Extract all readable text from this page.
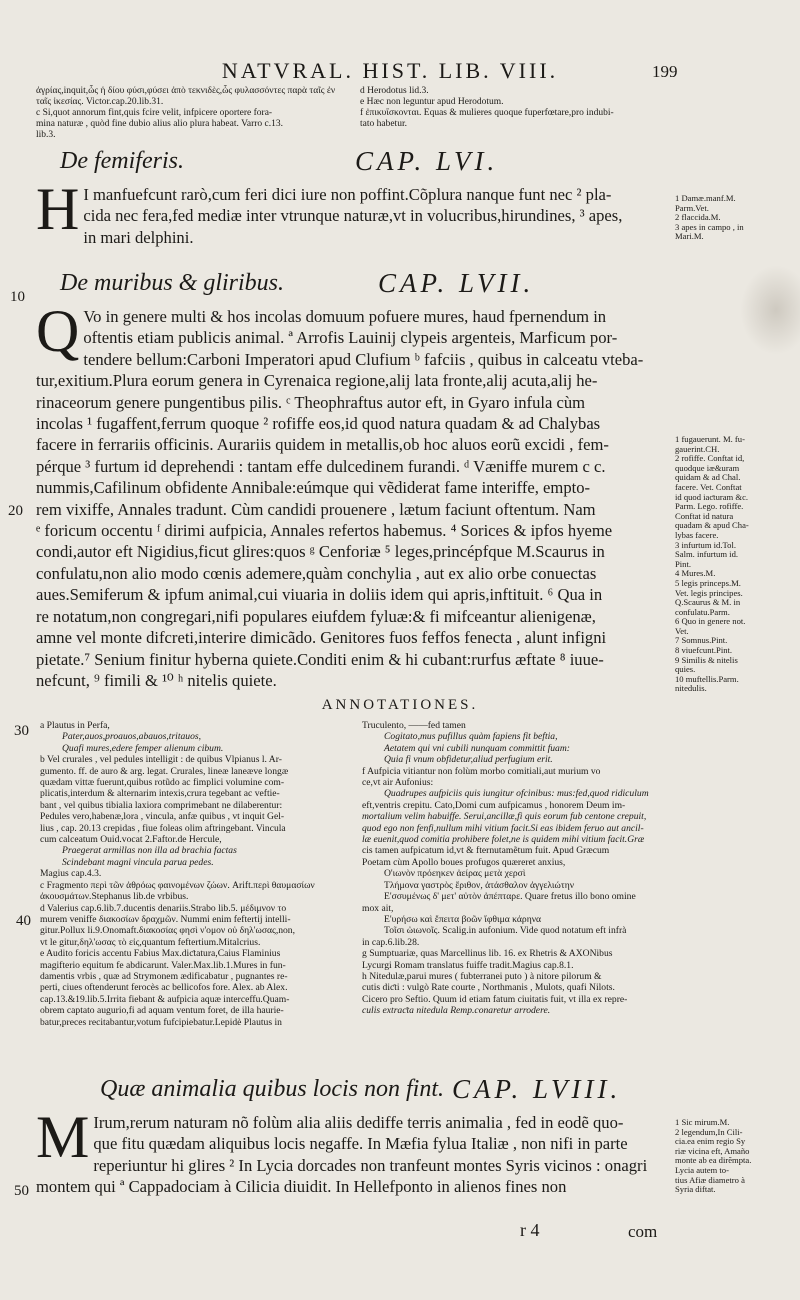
NATVRAL. HIST. LIB. VIII.	199

ἀγρίας,inquit,ὧς ἡ δίου φύσι,φύσει ἀπὸ τεκνιδὲς,ὧς φυλασσόντες παρὰ ταῖς ἐν

ταῖς ἱκεσίας. Victor.cap.20.lib.31.

c Si,quot annorum fint,quis fcire velit, infpicere oportere fora-

mina naturæ , quòd fine dubio alius alio plura habeat. Varro c.13.

lib.3.

d Herodotus lid.3.

e Hæc non leguntur apud Herodotum.

f ἐπικυΐσκονται. Equas & mulieres quoque fuperfœtare,pro indubi-

tato habetur.

De femiferis.	CAP. LVI.
H I manfuefcunt rarò,cum feri dici iure non poffint.Cõplura nanque funt nec ² pla-

cida nec fera,fed mediæ inter vtrunque naturæ,vt in volucribus,hirundines, ³ apes,

in mari delphini.

1 Damæ.manf.M.
Parm.Vet.
2 flaccida.M.
3 apes in campo , in
Mari.M.
De muribus & gliribus.	CAP. LVII.
10
20
Q Vo in genere multi & hos incolas domuum pofuere mures, haud fpernendum in

oftentis etiam publicis animal. ª Arrofis Lauinij clypeis argenteis, Marficum por-

tendere bellum:Carboni Imperatori apud Clufium ᵇ fafciis , quibus in calceatu vteba-

tur,exitium.Plura eorum genera in Cyrenaica regione,alij lata fronte,alij acuta,alij he-

rinaceorum genere pungentibus pilis. ᶜ Theophraftus autor eft, in Gyaro infula cùm

incolas ¹ fugaffent,ferrum quoque ² rofiffe eos,id quod natura quadam & ad Chalybas

facere in ferrariis officinis. Aurariis quidem in metallis,ob hoc aluos eorũ excidi , fem-

pérque ³ furtum id deprehendi : tantam effe dulcedinem furandi. ᵈ Væniffe murem c c.

nummis,Cafilinum obfidente Annibale:eúmque qui vẽdiderat fame interiffe, empto-

rem vixiffe, Annales tradunt. Cùm candidi prouenere , lætum faciunt oftentum. Nam

ᵉ foricum occentu ᶠ dirimi aufpicia, Annales refertos habemus. ⁴ Sorices & ipfos hyeme

condi,autor eft Nigidius,ficut glires:quos ᵍ Cenforiæ ⁵ leges,princépfque M.Scaurus in

confulatu,non alio modo cœnis ademere,quàm conchylia , aut ex alio orbe conuectas

aues.Semiferum & ipfum animal,cui viuaria in doliis idem qui apris,inftituit. ⁶ Qua in

re notatum,non congregari,nifi populares eiufdem fyluæ:& fi mifceantur alienigenæ,

amne vel monte difcreti,interire dimicãdo. Genitores fuos feffos fenecta , alunt infigni

pietate.⁷ Senium finitur hyberna quiete.Conditi enim & hi cubant:rurfus æftate ⁸ iuue-

nefcunt, ⁹ fimili & ¹⁰ ʰ nitelis quiete.

1 fugauerunt. M. fu-
gauerint.CH.
2 rofiffe. Conftat id,
quodque iæ&uram
quidam & ad Chal.
facere. Vet. Conftat
id quod iaƈturam &c.
Parm. Lego. rofiffe.
Conftat id natura
quadam & apud Cha-
lybas facere.
3 infurtum id.Tol.
Salm. infurtum id.
Pint.
4 Mures.M.
5 legis princeps.M.
Vet. legis principes.
Q.Scaurus & M. in
confulatu.Parm.
6 Quo in genere not.
Vet.
7 Somnus.Pint.
8 viuefcunt.Pint.
9 Similis & nitelis
quies.
10 muftellis.Parm.
nitedulis.
ANNOTATIONES.
30
40
a Plautus in Perfa,
Pater,auos,proauos,abauos,tritauos,
Quafi mures,edere femper alienum cibum.
b Vel crurales , vel pedules intelligit : de quibus Vlpianus l. Ar-
gumento. ff. de auro & arg. legat. Crurales, lineæ laneæve longæ
quædam vittæ fuerunt,quibus rotũdo ac fimplici volumine com-
plicatis,interdum & alternarim intexis,crura tegebant ac veftie-
bant , vel quibus tibialia laxiora comprimebant ne dilaberentur:
Pedules vero,habenæ,lora , vincula, anfæ quibus , vt inquit Gel-
lius , cap. 20.13 crepidas , fiue foleas olim aftringebant. Vincula
cum calceatum Ouid.vocat 2.Faftor.de Hercule,
Praegerat armillas non illa ad brachia factas
Scindebant magni vincula parua pedes.
Magius cap.4.3.
c Fragmento περὶ τῶν ἀθρόως φαινομένων ζώων. Arift.περὶ θαυμασίων
ἀκουσμάτων.Stephanus lib.de vrbibus.
d Valerius cap.6.lib.7.ducentis denariis.Strabo lib.5. μέδιμνον το
murem veniffe διακοσίων δραχμῶν. Nummi enim feftertij intelli-
gitur.Pollux li.9.Onomaft.διακοσίας φησὶ ν'ομον οὐ δηλ'ωσας,non,
vt le gitur,δηλ'ωσας τὸ εἰς,quantum feftertium.Mitalcrius.
e Audito foricis accentu Fabius Max.diƈtatura,Caius Flaminius
magifterio equitum fe abdicarunt. Valer.Max.lib.1.Mures in fun-
damentis vrbis , quæ ad Strymonem ædificabatur , pugnantes re-
perti, ciues oftenderunt ferocès ac bellicofos fore. Alex. ab Alex.
cap.13.&19.lib.5.Irrita fiebant & aufpicia aquæ interceffu.Quam-
obrem captato augurio,fi ad aquam ventum foret, de illa haurie-
batur,preces recitabantur,votum fufcipiebatur.Lepidè Plautus in
Truculento, ——fed tamen
Cogitato,mus pufillus quàm fapiens fit beftia,
Aetatem qui vni cubili nunquam committit fuam:
Quia fi vnum obfidetur,aliud perfugium erit.
f Aufpicia vitiantur non folùm morbo comitiali,aut murium vo
ce,vt air Aufonius:
Quadrupes aufpiciis quis iungitur ofcinibus: mus:fed,quod ridiculum
eft,ventris crepitu. Cato,Domi cum aufpicamus , honorem Deum im-
mortalium velim habuiffe. Serui,ancillæ,fi quis eorum fub centone crepuit,
quod ego non fenfi,nullum mihi vitium facit.Si eas ibidem feruo aut ancil-
læ euenit,quod comitia prohibere folet,ne is quidem mihi vitium facit.Græ
cis tamen aufpicatum id,vt & fternutamẽtum fuit. Apud Græcum
Poetam cùm Apollo boues profugos quæreret anxius,
Ο'ιωνὸν πρόεηκεν ἀείρας μετὰ χερσὶ
Τλήμονα γαστρὸς ἔριθον, ἀτάσθαλον ἀγγελιώτην
Ε'σσυμένως δ' μετ' αὐτὸν ἀπέπταρε. Quare fretus illo bono omine
mox ait,
Ε'υρήσω καὶ ἔπειτα βοῶν ἴφθιμα κάρηνα
Τοῖσι ὠιωνοῖς. Scalig.in aufonium. Vide quod notatum eft infrà
in cap.6.lib.28.
g Sumptuariæ, quas Marcellinus lib. 16. ex Rhetris & AXONibus
Lycurgi Romam translatus fuiffe tradit.Magius cap.8.1.
h Nitedulæ,parui mures ( fubterranei puto ) à nitore pilorum &
cutis diƈti : vulgò Rate courte , Northmanis , Mulots, quafi Nilots.
Cicero pro Seftio. Quum id etiam fatum ciuitatis fuit, vt illa ex repre-
culis extraƈta nitedula Remp.conaretur arrodere.
Quæ animalia quibus locis non fint. CAP. LVIII.
50
M Irum,rerum naturam nõ folùm alia aliis dediffe terris animalia , fed in eodẽ quo-

que fitu quædam aliquibus locis negaffe. In Mæfia fylua Italiæ , non nifi in parte

reperiuntur hi glires ² In Lycia dorcades non tranfeunt montes Syris vicinos : onagri

montem qui ª Cappadociam à Cilicia diuidit. In Hellefponto in alienos fines non

1 Sic mirum.M.
2 legendum,In Cili-
cia.ea enim regio Sy
riæ vicina eft, Amaño
monte ab ea dirĕmpta.
Lycia autem to-
tius Afiæ diametro à
Syria diftat.
r 4	com
